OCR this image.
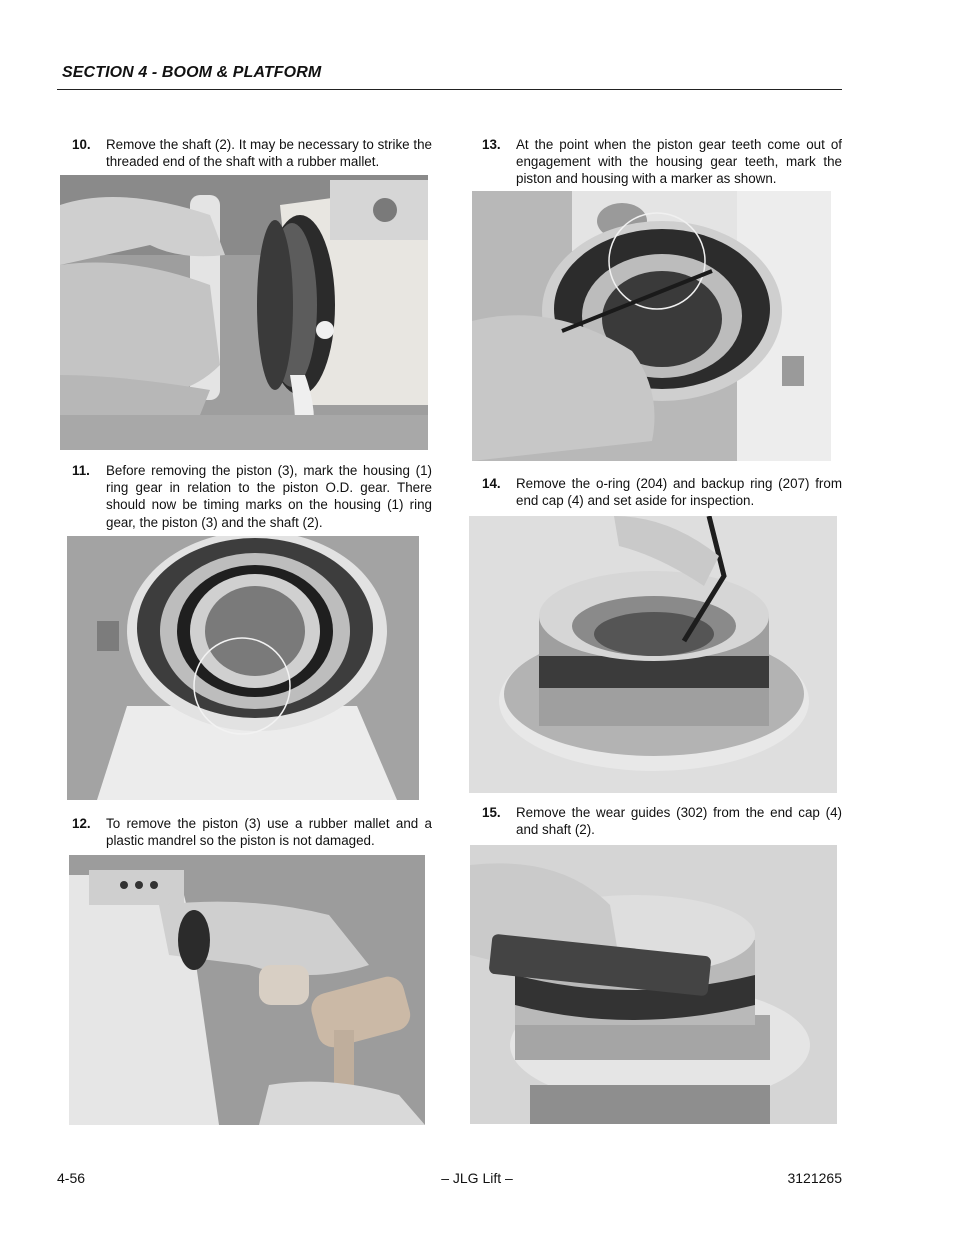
SECTION 4 - BOOM & PLATFORM
10.	Remove the shaft (2). It may be necessary to strike the threaded end of the shaft with a rubber mallet.
11.	Before removing the piston (3), mark the housing (1) ring gear in relation to the piston O.D. gear. There should now be timing marks on the housing (1) ring gear, the piston (3) and the shaft (2).
12.	To remove the piston (3) use a rubber mallet and a plastic mandrel so the piston is not damaged.
13.	At the point when the piston gear teeth come out of engagement with the housing gear teeth, mark the piston and housing with a marker as shown.
14.	Remove the o-ring (204) and backup ring (207) from end cap (4) and set aside for inspection.
15.	Remove the wear guides (302) from the end cap (4) and shaft (2).
4-56	– JLG Lift –	3121265
